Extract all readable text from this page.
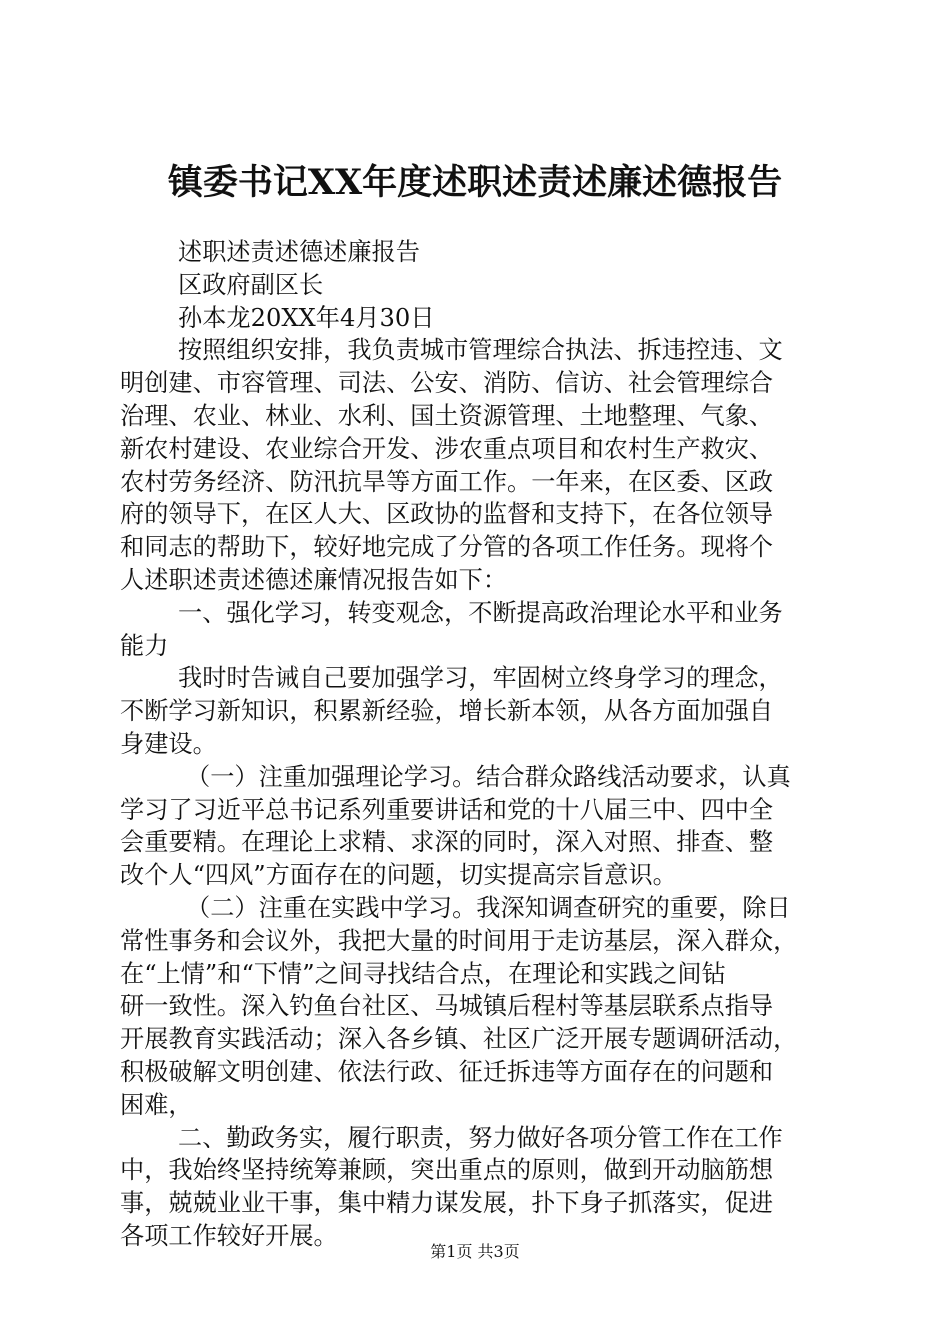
镇委书记XX年度述职述责述廉述德报告
述职述责述德述廉报告
区政府副区长
孙本龙20XX年4月30日
按照组织安排，我负责城市管理综合执法、拆违控违、文
明创建、市容管理、司法、公安、消防、信访、社会管理综合
治理、农业、林业、水利、国土资源管理、土地整理、气象、
新农村建设、农业综合开发、涉农重点项目和农村生产救灾、
农村劳务经济、防汛抗旱等方面工作。一年来，在区委、区政
府的领导下，在区人大、区政协的监督和支持下，在各位领导
和同志的帮助下，较好地完成了分管的各项工作任务。现将个
人述职述责述德述廉情况报告如下：
一、强化学习，转变观念，不断提高政治理论水平和业务
能力
我时时告诫自己要加强学习，牢固树立终身学习的理念，
不断学习新知识，积累新经验，增长新本领，从各方面加强自
身建设。
（一）注重加强理论学习。结合群众路线活动要求，认真
学习了习近平总书记系列重要讲话和党的十八届三中、四中全
会重要精。在理论上求精、求深的同时，深入对照、排查、整
改个人“四风”方面存在的问题，切实提高宗旨意识。
（二）注重在实践中学习。我深知调查研究的重要，除日
常性事务和会议外，我把大量的时间用于走访基层，深入群众，
在“上情”和“下情”之间寻找结合点，在理论和实践之间钻
研一致性。深入钓鱼台社区、马城镇后程村等基层联系点指导
开展教育实践活动；深入各乡镇、社区广泛开展专题调研活动，
积极破解文明创建、依法行政、征迁拆违等方面存在的问题和
困难，
二、勤政务实，履行职责，努力做好各项分管工作在工作
中，我始终坚持统筹兼顾，突出重点的原则，做到开动脑筋想
事，兢兢业业干事，集中精力谋发展，扑下身子抓落实，促进
各项工作较好开展。
第1页 共3页
